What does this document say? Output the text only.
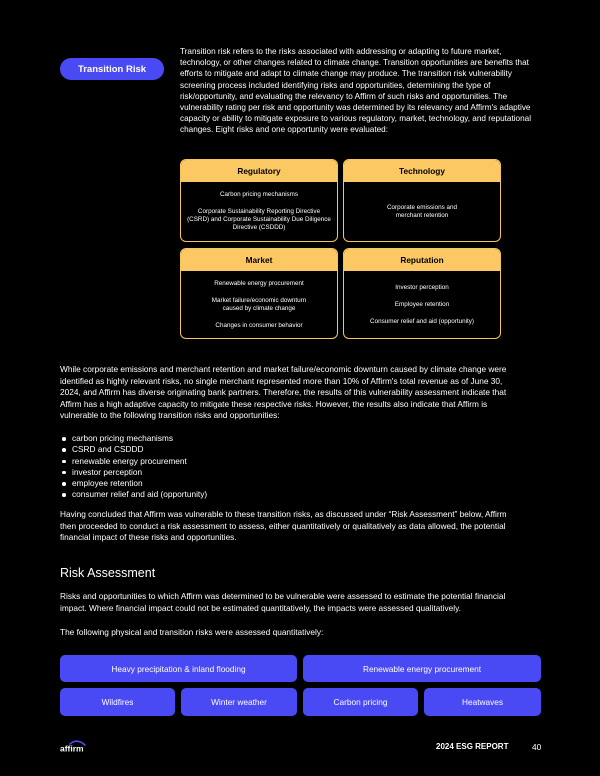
Transition Risk

Transition risk refers to the risks associated with addressing or adapting to future market, technology, or other changes related to climate change. Transition opportunities are benefits that efforts to mitigate and adapt to climate change may produce. The transition risk vulnerability screening process included identifying risks and opportunities, determining the type of risk/opportunity, and evaluating the relevancy to Affirm of such risks and opportunities. The vulnerability rating per risk and opportunity was determined by its relevancy and Affirm's adaptive capacity or ability to mitigate exposure to various regulatory, market, technology, and reputational changes. Eight risks and one opportunity were evaluated:

Regulatory
Carbon pricing mechanisms
Corporate Sustainability Reporting Directive (CSRD) and Corporate Sustainability Due Diligence Directive (CSDDD)
Technology
Corporate emissions and merchant retention
Market
Renewable energy procurement
Market failure/economic downturn caused by climate change
Changes in consumer behavior
Reputation
Investor perception
Employee retention
Consumer relief and aid (opportunity)

While corporate emissions and merchant retention and market failure/economic downturn caused by climate change were identified as highly relevant risks, no single merchant represented more than 10% of Affirm's total revenue as of June 30, 2024, and Affirm has diverse originating bank partners. Therefore, the results of this vulnerability assessment indicate that Affirm has a high adaptive capacity to mitigate these respective risks. However, the results also indicate that Affirm is vulnerable to the following transition risks and opportunities:

carbon pricing mechanisms
CSRD and CSDDD
renewable energy procurement
investor perception
employee retention
consumer relief and aid (opportunity)

Having concluded that Affirm was vulnerable to these transition risks, as discussed under “Risk Assessment” below, Affirm then proceeded to conduct a risk assessment to assess, either quantitatively or qualitatively as data allowed, the potential financial impact of these risks and opportunities.

Risk Assessment

Risks and opportunities to which Affirm was determined to be vulnerable were assessed to estimate the potential financial impact. Where financial impact could not be estimated quantitatively, the impacts were assessed qualitatively.

The following physical and transition risks were assessed quantitatively:

Heavy precipitation & inland flooding	Renewable energy procurement
Wildfires	Winter weather	Carbon pricing	Heatwaves
affirm	2024 ESG REPORT	40
